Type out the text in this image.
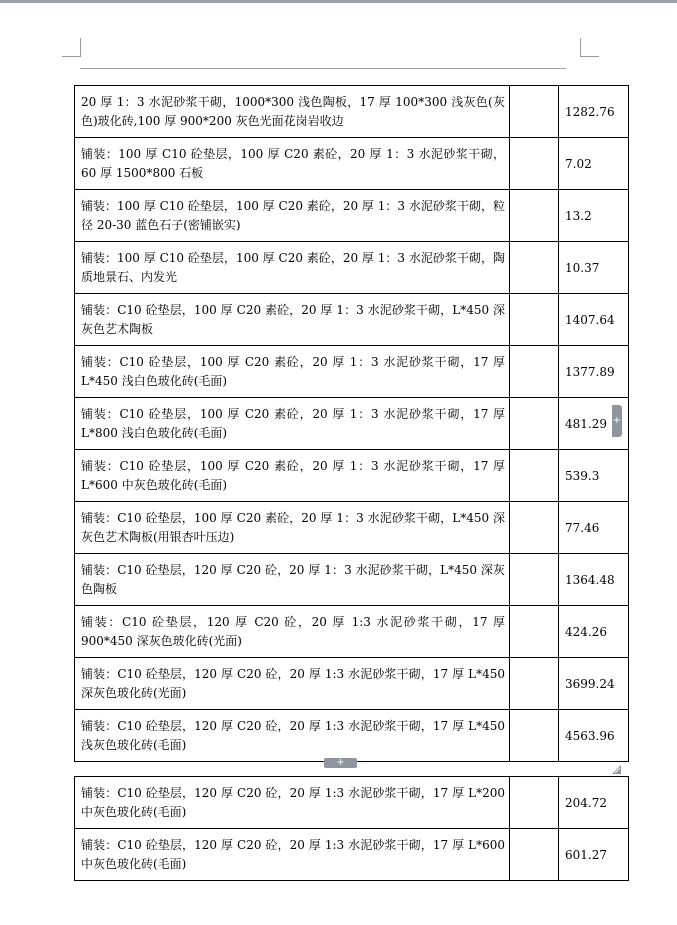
20 厚 1：3 水泥砂浆干砌，1000*300 浅色陶板，17 厚 100*300 浅灰色(灰色)玻化砖,100 厚 900*200 灰色光面花岗岩收边		1282.76
铺装：100 厚 C10 砼垫层，100 厚 C20 素砼，20 厚 1：3 水泥砂浆干砌，60 厚 1500*800 石板		7.02
铺装：100 厚 C10 砼垫层，100 厚 C20 素砼，20 厚 1：3 水泥砂浆干砌，粒径 20-30 蓝色石子(密铺嵌实)		13.2
铺装：100 厚 C10 砼垫层，100 厚 C20 素砼，20 厚 1：3 水泥砂浆干砌，陶质地景石、内发光		10.37
铺装：C10 砼垫层，100 厚 C20 素砼，20 厚 1：3 水泥砂浆干砌，L*450 深灰色艺术陶板		1407.64
铺装：C10 砼垫层，100 厚 C20 素砼，20 厚 1：3 水泥砂浆干砌，17 厚 L*450 浅白色玻化砖(毛面)		1377.89
铺装：C10 砼垫层，100 厚 C20 素砼，20 厚 1：3 水泥砂浆干砌，17 厚 L*800 浅白色玻化砖(毛面)		481.29
铺装：C10 砼垫层，100 厚 C20 素砼，20 厚 1：3 水泥砂浆干砌，17 厚 L*600 中灰色玻化砖(毛面)		539.3
铺装：C10 砼垫层，100 厚 C20 素砼，20 厚 1：3 水泥砂浆干砌，L*450 深灰色艺术陶板(用银杏叶压边)		77.46
铺装：C10 砼垫层，120 厚 C20 砼，20 厚 1：3 水泥砂浆干砌，L*450 深灰色陶板		1364.48
铺装：C10 砼垫层，120 厚 C20 砼，20 厚 1:3 水泥砂浆干砌，17 厚 900*450 深灰色玻化砖(光面)		424.26
铺装：C10 砼垫层，120 厚 C20 砼，20 厚 1:3 水泥砂浆干砌，17 厚 L*450 深灰色玻化砖(光面)		3699.24
铺装：C10 砼垫层，120 厚 C20 砼，20 厚 1:3 水泥砂浆干砌，17 厚 L*450 浅灰色玻化砖(毛面)		4563.96
+
+
铺装：C10 砼垫层，120 厚 C20 砼，20 厚 1:3 水泥砂浆干砌，17 厚 L*200 中灰色玻化砖(毛面)		204.72
铺装：C10 砼垫层，120 厚 C20 砼，20 厚 1:3 水泥砂浆干砌，17 厚 L*600 中灰色玻化砖(毛面)		601.27
